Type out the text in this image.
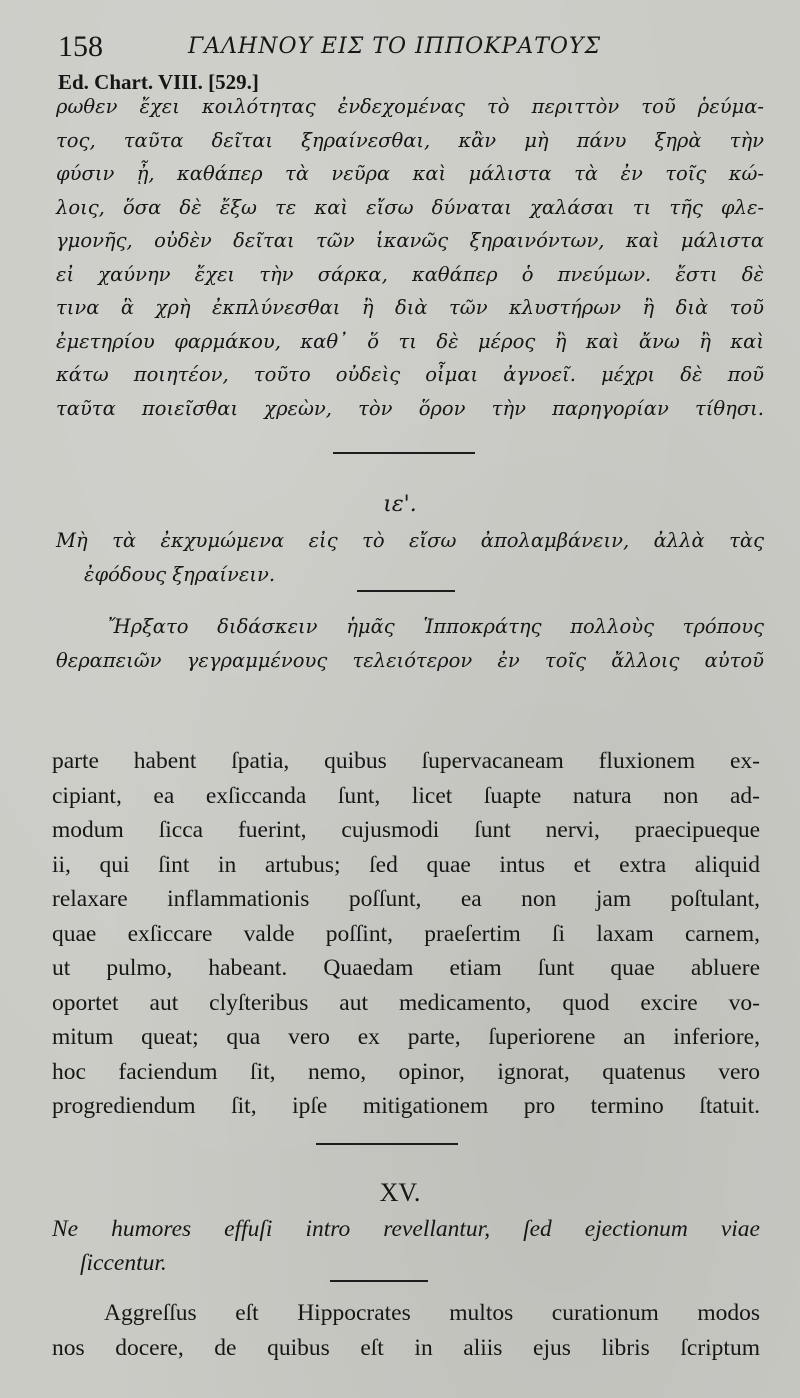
158	ΓΑΛΗΝΟΥ ΕΙΣ ΤΟ ΙΠΠΟΚΡΑΤΟΥΣ
Ed. Chart. VIII. [529.]
ρωθεν ἔχει κοιλότητας ἐνδεχομένας τὸ περιττὸν τοῦ ῥεύμα-
τος, ταῦτα δεῖται ξηραίνεσθαι, κἂν μὴ πάνυ ξηρὰ τὴν
φύσιν ᾖ, καθάπερ τὰ νεῦρα καὶ μάλιστα τὰ ἐν τοῖς κώ-
λοις, ὅσα δὲ ἔξω τε καὶ εἴσω δύναται χαλάσαι τι τῆς φλε-
γμονῆς, οὐδὲν δεῖται τῶν ἱκανῶς ξηραινόντων, καὶ μάλιστα
εἰ χαύνην ἔχει τὴν σάρκα, καθάπερ ὁ πνεύμων. ἔστι δὲ
τινα ἃ χρὴ ἐκπλύνεσθαι ἢ διὰ τῶν κλυστήρων ἢ διὰ τοῦ
ἐμετηρίου φαρμάκου, καθ᾽ ὅ τι δὲ μέρος ἢ καὶ ἄνω ἢ καὶ
κάτω ποιητέον, τοῦτο οὐδεὶς οἶμαι ἀγνοεῖ. μέχρι δὲ ποῦ
ταῦτα ποιεῖσθαι χρεὼν, τὸν ὅρον τὴν παρηγορίαν τίθησι.
ιε'.
Μὴ τὰ ἐκχυμώμενα εἰς τὸ εἴσω ἀπολαμβάνειν, ἀλλὰ τὰς
ἐφόδους ξηραίνειν.
Ἤρξατο διδάσκειν ἡμᾶς Ἱπποκράτης πολλοὺς τρόπους
θεραπειῶν γεγραμμένους τελειότερον ἐν τοῖς ἄλλοις αὐτοῦ
parte habent ſpatia, quibus ſupervacaneam fluxionem ex-
cipiant, ea exſiccanda ſunt, licet ſuapte natura non ad-
modum ſicca fuerint, cujusmodi ſunt nervi, praecipueque
ii, qui ſint in artubus; ſed quae intus et extra aliquid
relaxare inflammationis poſſunt, ea non jam poſtulant,
quae exſiccare valde poſſint, praeſertim ſi laxam carnem,
ut pulmo, habeant. Quaedam etiam ſunt quae abluere
oportet aut clyſteribus aut medicamento, quod excire vo-
mitum queat; qua vero ex parte, ſuperiorene an inferiore,
hoc faciendum ſit, nemo, opinor, ignorat, quatenus vero
progrediendum ſit, ipſe mitigationem pro termino ſtatuit.
XV.
Ne humores effuſi intro revellantur, ſed ejectionum viae
ſiccentur.
Aggreſſus eſt Hippocrates multos curationum modos
nos docere, de quibus eſt in aliis ejus libris ſcriptum
